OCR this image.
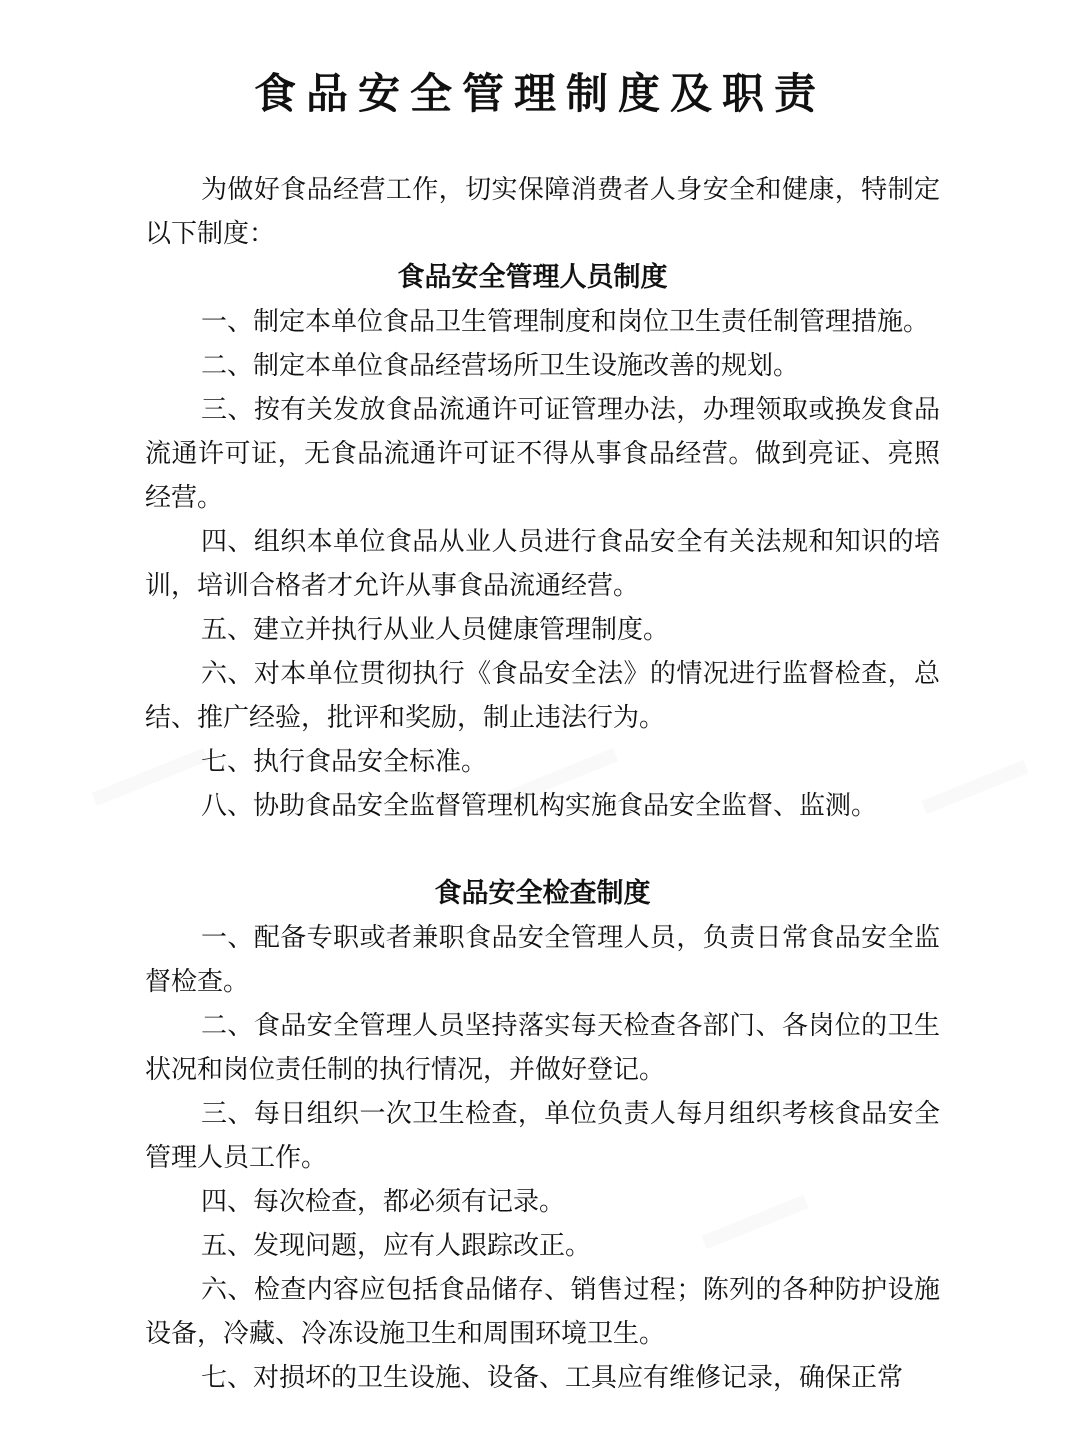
食品安全管理制度及职责

为做好食品经营工作，切实保障消费者人身安全和健康，特制定以下制度：

食品安全管理人员制度

一、制定本单位食品卫生管理制度和岗位卫生责任制管理措施。

二、制定本单位食品经营场所卫生设施改善的规划。

三、按有关发放食品流通许可证管理办法，办理领取或换发食品流通许可证，无食品流通许可证不得从事食品经营。做到亮证、亮照经营。

四、组织本单位食品从业人员进行食品安全有关法规和知识的培训，培训合格者才允许从事食品流通经营。

五、建立并执行从业人员健康管理制度。

六、对本单位贯彻执行《食品安全法》的情况进行监督检查，总结、推广经验，批评和奖励，制止违法行为。

七、执行食品安全标准。

八、协助食品安全监督管理机构实施食品安全监督、监测。

食品安全检查制度

一、配备专职或者兼职食品安全管理人员，负责日常食品安全监督检查。

二、食品安全管理人员坚持落实每天检查各部门、各岗位的卫生状况和岗位责任制的执行情况，并做好登记。

三、每日组织一次卫生检查，单位负责人每月组织考核食品安全管理人员工作。

四、每次检查，都必须有记录。

五、发现问题，应有人跟踪改正。

六、检查内容应包括食品储存、销售过程；陈列的各种防护设施设备，冷藏、冷冻设施卫生和周围环境卫生。

七、对损坏的卫生设施、设备、工具应有维修记录，确保正常
